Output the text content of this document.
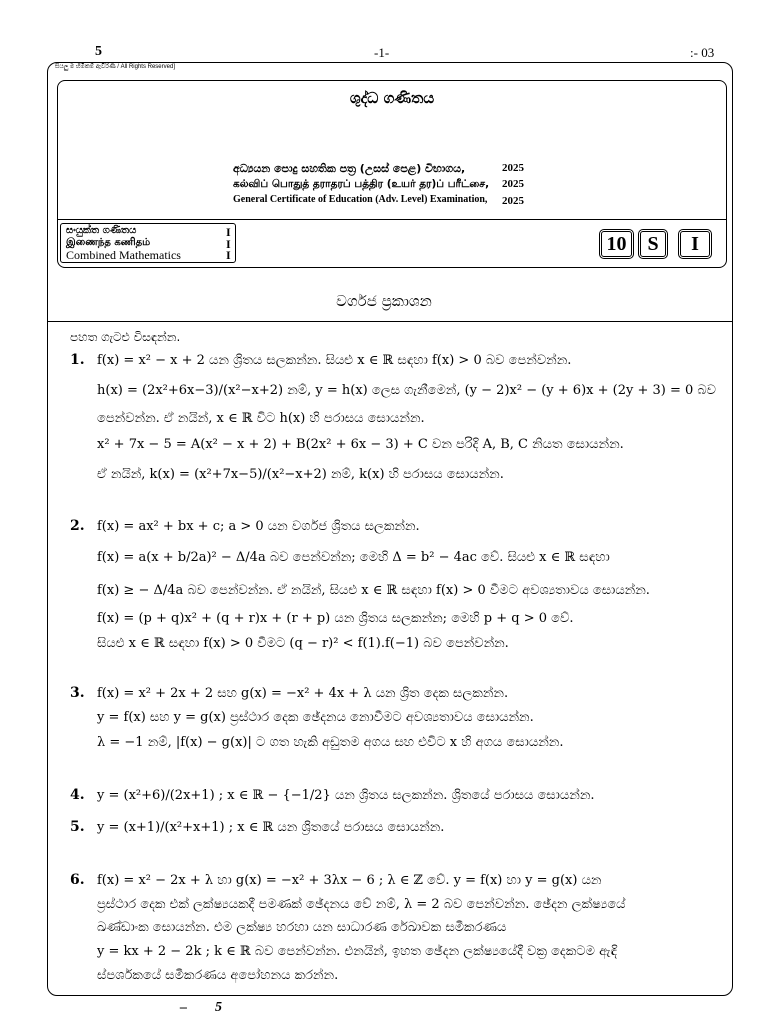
5	-1-	:- 03
සියලු ම හිමිකම් ඇවිරිණි / All Rights Reserved]
ශුද්ධ ගණිතය
අධ්‍යයන පොදු සහතික පත්‍ර (උසස් පෙළ) විභාගය,	2025
கல்விப் பொதுத் தராதரப் பத்திர (உயர் தர)ப் பரீட்சை, 2025
General Certificate of Education (Adv. Level) Examination, 2025
සංයුක්ත ගණිතය	I
இணைந்த கணிதம்	I
Combined Mathematics	I	10	S	I
වර්ගජ ප්‍රකාශන
පහත ගැටළු විසඳන්න.
1. f(x) = x² − x + 2 යන ශ්‍රිතය සලකන්න. සියළු x ∈ ℝ සඳහා f(x) > 0 බව පෙන්වන්න.
h(x) = (2x²+6x−3)/(x²−x+2) නම්, y = h(x) ලෙස ගැනීමෙන්, (y − 2)x² − (y + 6)x + (2y + 3) = 0 බව
පෙන්වන්න. ඒ නයින්, x ∈ ℝ විට h(x) හි පරාසය සොයන්න.
x² + 7x − 5 = A(x² − x + 2) + B(2x² + 6x − 3) + C වන පරිදි A, B, C නියත සොයන්න.
ඒ නයින්, k(x) = (x²+7x−5)/(x²−x+2) නම්, k(x) හි පරාසය සොයන්න.
2. f(x) = ax² + bx + c; a > 0 යන වර්ගජ ශ්‍රිතය සලකන්න.
f(x) = a(x + b/2a)² − Δ/4a බව පෙන්වන්න; මෙහි Δ = b² − 4ac වේ. සියළු x ∈ ℝ සඳහා
f(x) ≥ − Δ/4a බව පෙන්වන්න. ඒ නයින්, සියළු x ∈ ℝ සඳහා f(x) > 0 වීමට අවශ්‍යතාවය සොයන්න.
f(x) = (p + q)x² + (q + r)x + (r + p) යන ශ්‍රිතය සලකන්න; මෙහි p + q > 0 වේ.
සියළු x ∈ ℝ සඳහා f(x) > 0 වීමට (q − r)² < f(1).f(−1) බව පෙන්වන්න.
3. f(x) = x² + 2x + 2 සහ g(x) = −x² + 4x + λ යන ශ්‍රිත දෙක සලකන්න.
y = f(x) සහ y = g(x) ප්‍රස්ථාර දෙක ඡේදනය නොවීමට අවශ්‍යතාවය සොයන්න.
λ = −1 නම්, |f(x) − g(x)| ට ගත හැකි අඩුතම අගය සහ එවිට x හි අගය සොයන්න.
4. y = (x²+6)/(2x+1) ; x ∈ ℝ − {−1/2} යන ශ්‍රිතය සලකන්න. ශ්‍රිතයේ පරාසය සොයන්න.
5. y = (x+1)/(x²+x+1) ; x ∈ ℝ යන ශ්‍රිතයේ පරාසය සොයන්න.
6. f(x) = x² − 2x + λ හා g(x) = −x² + 3λx − 6 ; λ ∈ ℤ වේ. y = f(x) හා y = g(x) යන
ප්‍රස්ථාර දෙක එක් ලක්ෂ්‍යයකදී පමණක් ඡේදනය වේ නම්, λ = 2 බව පෙන්වන්න. ඡේදන ලක්ෂ්‍යයේ
ඛණ්ඩාංක සොයන්න. එම ලක්ෂ්‍ය හරහා යන සාධාරණ රේඛාවක සමීකරණය
y = kx + 2 − 2k ; k ∈ ℝ බව පෙන්වන්න. එනයින්, ඉහත ඡේදන ලක්ෂ්‍යයේදී වක්‍ර දෙකටම ඇඳි
ස්පර්ශකයේ සමීකරණය අපෝහනය කරන්න.
– 5
